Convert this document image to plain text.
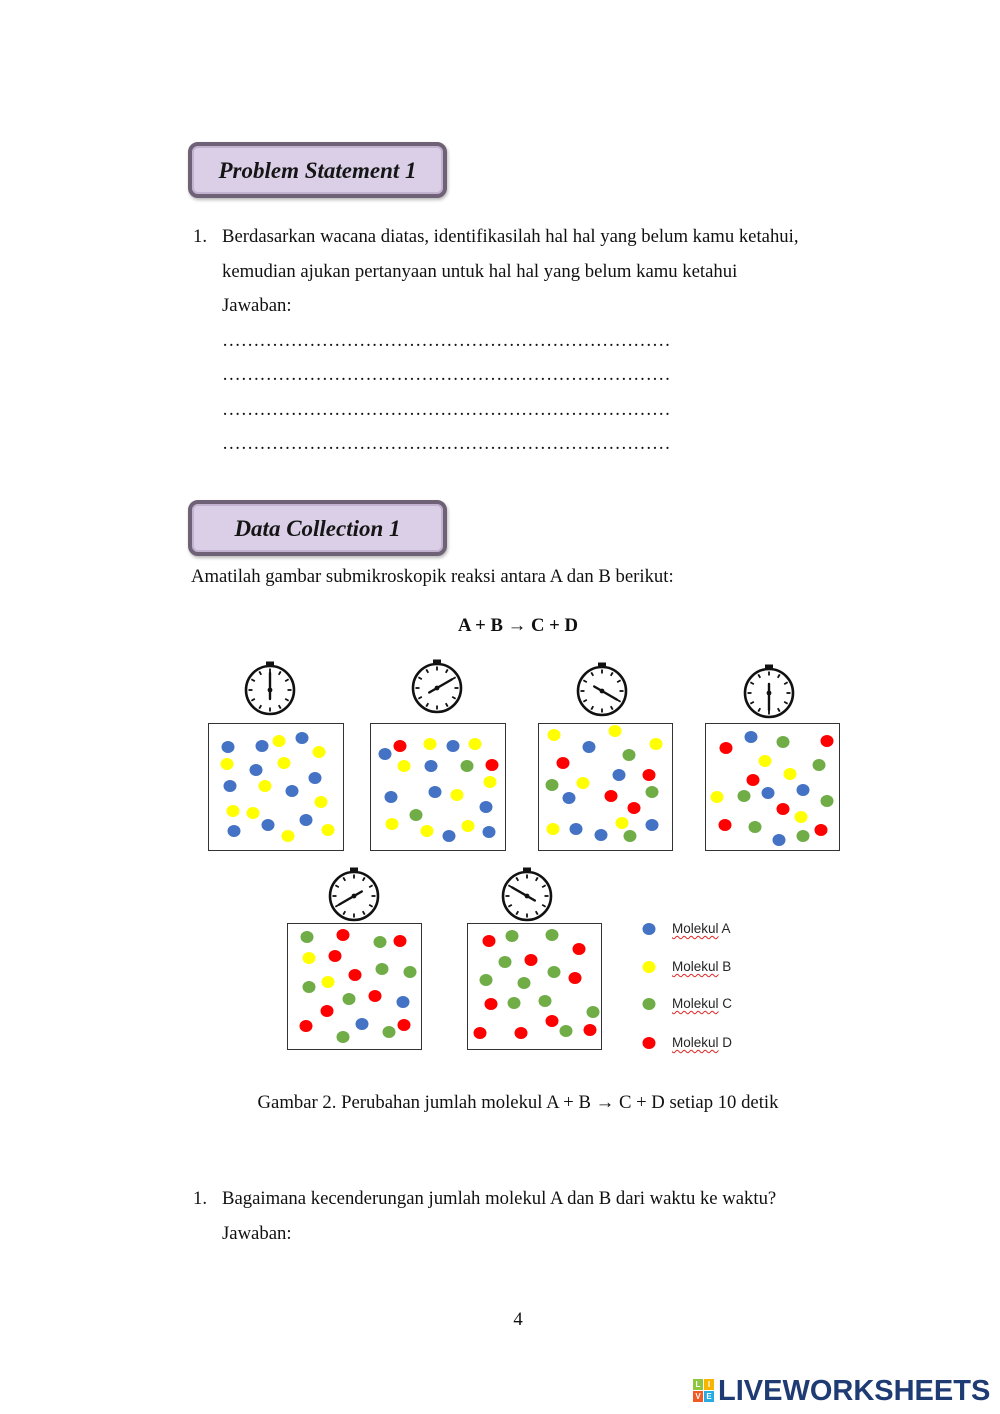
Problem Statement 1
1. Berdasarkan wacana diatas, identifikasilah hal hal yang belum kamu ketahui,
kemudian ajukan pertanyaan untuk hal hal yang belum kamu ketahui
Jawaban:
………………………………………………………………
………………………………………………………………
………………………………………………………………
………………………………………………………………
Data Collection 1
Amatilah gambar submikroskopik reaksi antara A dan B berikut:
A + B → C + D
Molekul A
Molekul B
Molekul C
Molekul D
Gambar 2. Perubahan jumlah molekul A + B → C + D setiap 10 detik
1. Bagaimana kecenderungan jumlah molekul A dan B dari waktu ke waktu?
Jawaban:
4
L I
V E LIVEWORKSHEETS
